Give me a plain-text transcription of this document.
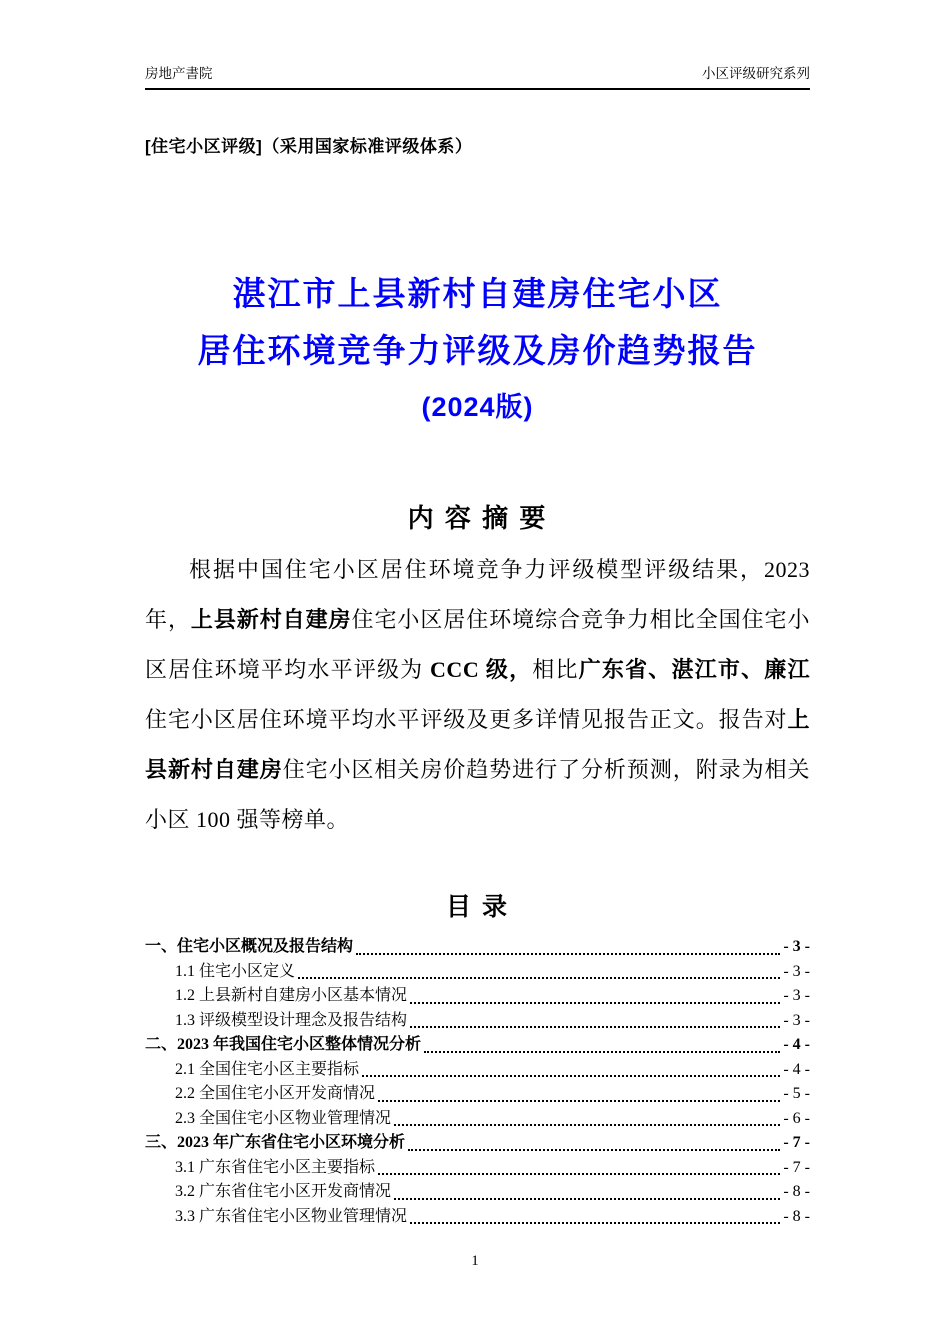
房地产書院	小区评级研究系列
[住宅小区评级]（采用国家标准评级体系）
湛江市上县新村自建房住宅小区
居住环境竞争力评级及房价趋势报告
(2024版)
内 容 摘 要

根据中国住宅小区居住环境竞争力评级模型评级结果，2023 年，上县新村自建房住宅小区居住环境综合竞争力相比全国住宅小区居住环境平均水平评级为 CCC 级，相比广东省、湛江市、廉江住宅小区居住环境平均水平评级及更多详情见报告正文。报告对上县新村自建房住宅小区相关房价趋势进行了分析预测，附录为相关小区 100 强等榜单。

目 录
一、住宅小区概况及报告结构	- 3 -
1.1 住宅小区定义	- 3 -
1.2 上县新村自建房小区基本情况	- 3 -
1.3 评级模型设计理念及报告结构	- 3 -
二、2023 年我国住宅小区整体情况分析	- 4 -
2.1 全国住宅小区主要指标	- 4 -
2.2 全国住宅小区开发商情况	- 5 -
2.3 全国住宅小区物业管理情况	- 6 -
三、2023 年广东省住宅小区环境分析	- 7 -
3.1 广东省住宅小区主要指标	- 7 -
3.2 广东省住宅小区开发商情况	- 8 -
3.3 广东省住宅小区物业管理情况	- 8 -
1
